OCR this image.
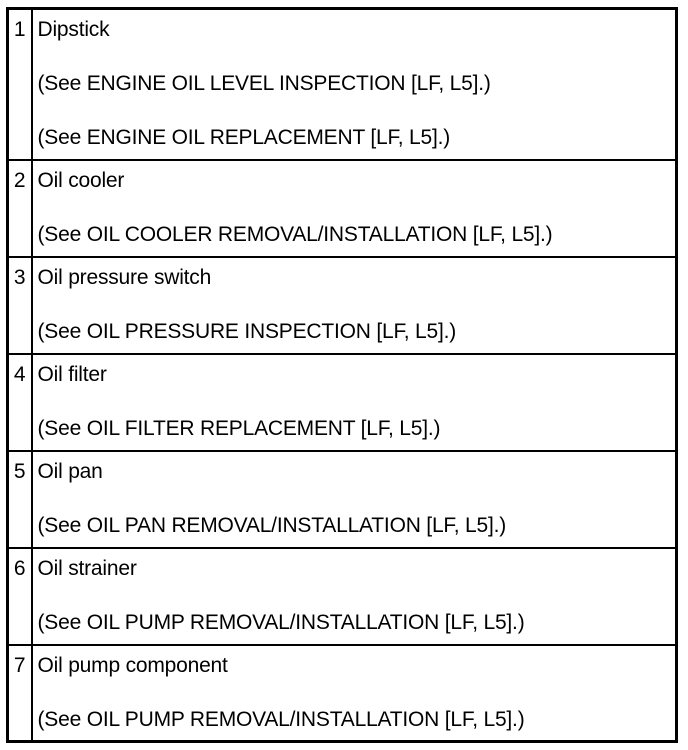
1	Dipstick
(See ENGINE OIL LEVEL INSPECTION [LF, L5].)
(See ENGINE OIL REPLACEMENT [LF, L5].)

2	Oil cooler
(See OIL COOLER REMOVAL/INSTALLATION [LF, L5].)

3	Oil pressure switch
(See OIL PRESSURE INSPECTION [LF, L5].)

4	Oil filter
(See OIL FILTER REPLACEMENT [LF, L5].)

5	Oil pan
(See OIL PAN REMOVAL/INSTALLATION [LF, L5].)

6	Oil strainer
(See OIL PUMP REMOVAL/INSTALLATION [LF, L5].)

7	Oil pump component
(See OIL PUMP REMOVAL/INSTALLATION [LF, L5].)
